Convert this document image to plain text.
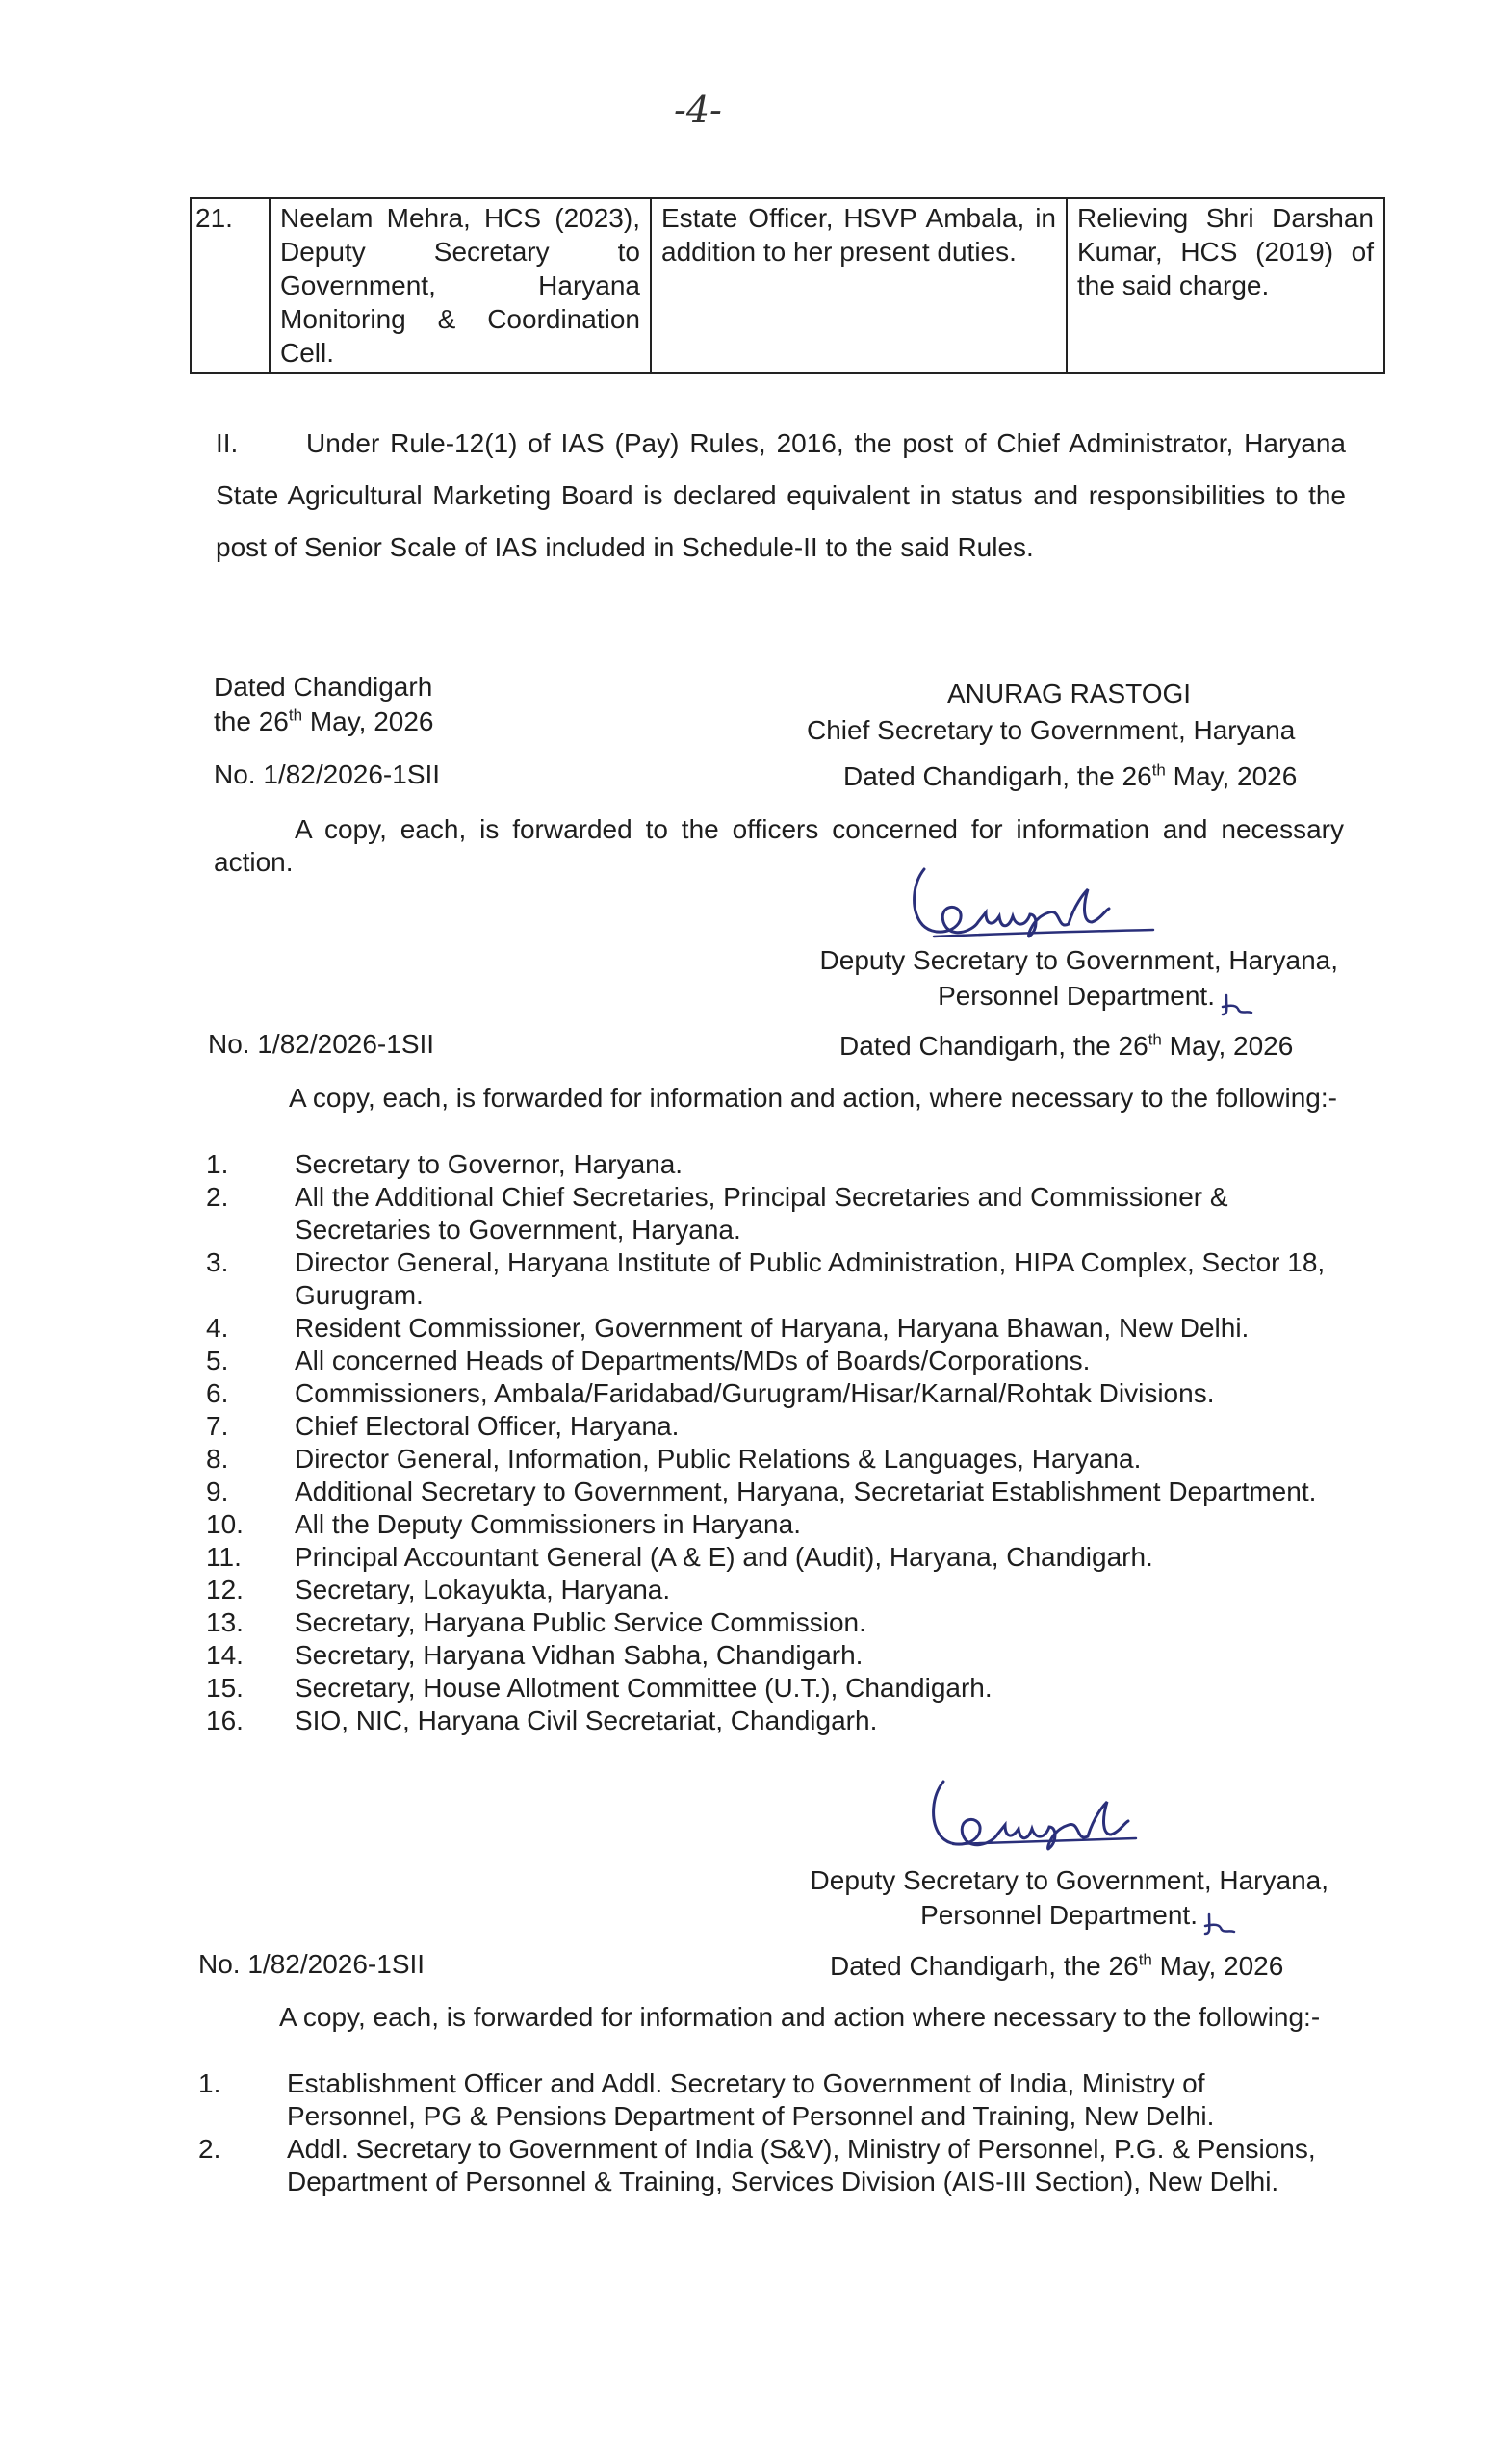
-4-
21.	Neelam Mehra, HCS (2023), Deputy Secretary to Government, Haryana Monitoring & Coordination Cell.	Estate Officer, HSVP Ambala, in addition to her present duties.	Relieving Shri Darshan Kumar, HCS (2019) of the said charge.
II.	Under Rule-12(1) of IAS (Pay) Rules, 2016, the post of Chief Administrator, Haryana State Agricultural Marketing Board is declared equivalent in status and responsibilities to the post of Senior Scale of IAS included in Schedule-II to the said Rules.
Dated Chandigarh
the 26th May, 2026
ANURAG RASTOGI
Chief Secretary to Government, Haryana
No. 1/82/2026-1SII	Dated Chandigarh, the 26th May, 2026
A copy, each, is forwarded to the officers concerned for information and necessary action.
Deputy Secretary to Government, Haryana,
Personnel Department.
No. 1/82/2026-1SII	Dated Chandigarh, the 26th May, 2026
A copy, each, is forwarded for information and action, where necessary to the following:-
1.	Secretary to Governor, Haryana.
2.	All the Additional Chief Secretaries, Principal Secretaries and Commissioner & Secretaries to Government, Haryana.
3.	Director General, Haryana Institute of Public Administration, HIPA Complex, Sector 18, Gurugram.
4.	Resident Commissioner, Government of Haryana, Haryana Bhawan, New Delhi.
5.	All concerned Heads of Departments/MDs of Boards/Corporations.
6.	Commissioners, Ambala/Faridabad/Gurugram/Hisar/Karnal/Rohtak Divisions.
7.	Chief Electoral Officer, Haryana.
8.	Director General, Information, Public Relations & Languages, Haryana.
9.	Additional Secretary to Government, Haryana, Secretariat Establishment Department.
10.	All the Deputy Commissioners in Haryana.
11.	Principal Accountant General (A & E) and (Audit), Haryana, Chandigarh.
12.	Secretary, Lokayukta, Haryana.
13.	Secretary, Haryana Public Service Commission.
14.	Secretary, Haryana Vidhan Sabha, Chandigarh.
15.	Secretary, House Allotment Committee (U.T.), Chandigarh.
16.	SIO, NIC, Haryana Civil Secretariat, Chandigarh.
Deputy Secretary to Government, Haryana,
Personnel Department.
No. 1/82/2026-1SII	Dated Chandigarh, the 26th May, 2026
A copy, each, is forwarded for information and action where necessary to the following:-
1.	Establishment Officer and Addl. Secretary to Government of India, Ministry of Personnel, PG & Pensions Department of Personnel and Training, New Delhi.
2.	Addl. Secretary to Government of India (S&V), Ministry of Personnel, P.G. & Pensions, Department of Personnel & Training, Services Division (AIS-III Section), New Delhi.
